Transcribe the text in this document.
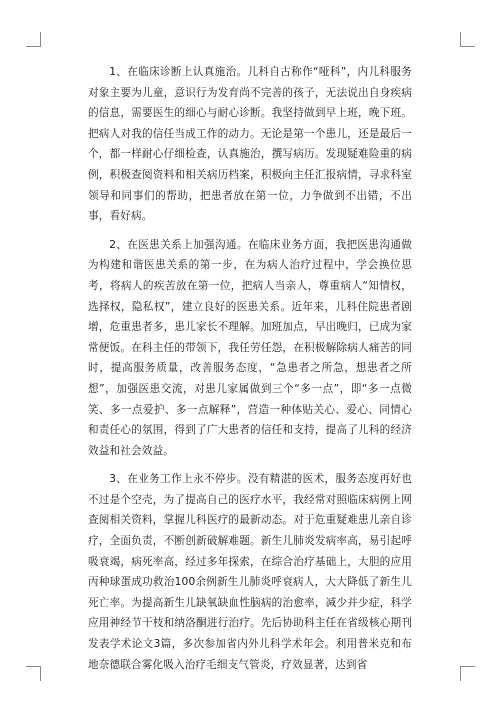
1、在临床诊断上认真施治。儿科自古称作“哑科”，内儿科服务对象主要为儿童，意识行为发育尚不完善的孩子，无法说出自身疾病的信息，需要医生的细心与耐心诊断。我坚持做到早上班，晚下班。把病人对我的信任当成工作的动力。无论是第一个患儿，还是最后一个，都一样耐心仔细检查，认真施治，撰写病历。发现疑难险重的病例，积极查阅资料和相关病历档案，积极向主任汇报病情，寻求科室领导和同事们的帮助，把患者放在第一位，力争做到不出错，不出事，看好病。

2、在医患关系上加强沟通。在临床业务方面，我把医患沟通做为构建和谐医患关系的第一步，在为病人治疗过程中，学会换位思考，将病人的疾苦放在第一位，把病人当亲人，尊重病人“知情权，选择权，隐私权”，建立良好的医患关系。近年来，儿科住院患者剧增，危重患者多，患儿家长不理解。加班加点，早出晚归，已成为家常便饭。在科主任的带领下，我任劳任怨，在积极解除病人痛苦的同时，提高服务质量，改善服务态度，“急患者之所急，想患者之所想”，加强医患交流，对患儿家属做到三个“多一点”，即“多一点微笑、多一点爱护、多一点解释”，营造一种体贴关心、爱心、同情心和责任心的氛围，得到了广大患者的信任和支持，提高了儿科的经济效益和社会效益。

3、在业务工作上永不停步。没有精湛的医术，服务态度再好也不过是个空壳，为了提高自己的医疗水平，我经常对照临床病例上网查阅相关资料，掌握儿科医疗的最新动态。对于危重疑难患儿亲自诊疗，全面负责，不断创新破解难题。新生儿肺炎发病率高，易引起呼吸衰竭，病死率高，经过多年探索，在综合治疗基础上，大胆的应用丙种球蛋成功救治100余例新生儿肺炎呼衰病人，大大降低了新生儿死亡率。为提高新生儿缺氧缺血性脑病的治愈率，减少并少症，科学应用神经节干枝和纳洛酮进行治疗。先后协助科主任在省级核心期刊发表学术论文3篇，多次参加省内外儿科学术年会。利用普米克和布地奈德联合雾化吸入治疗毛细支气管炎，疗效显著，达到省
